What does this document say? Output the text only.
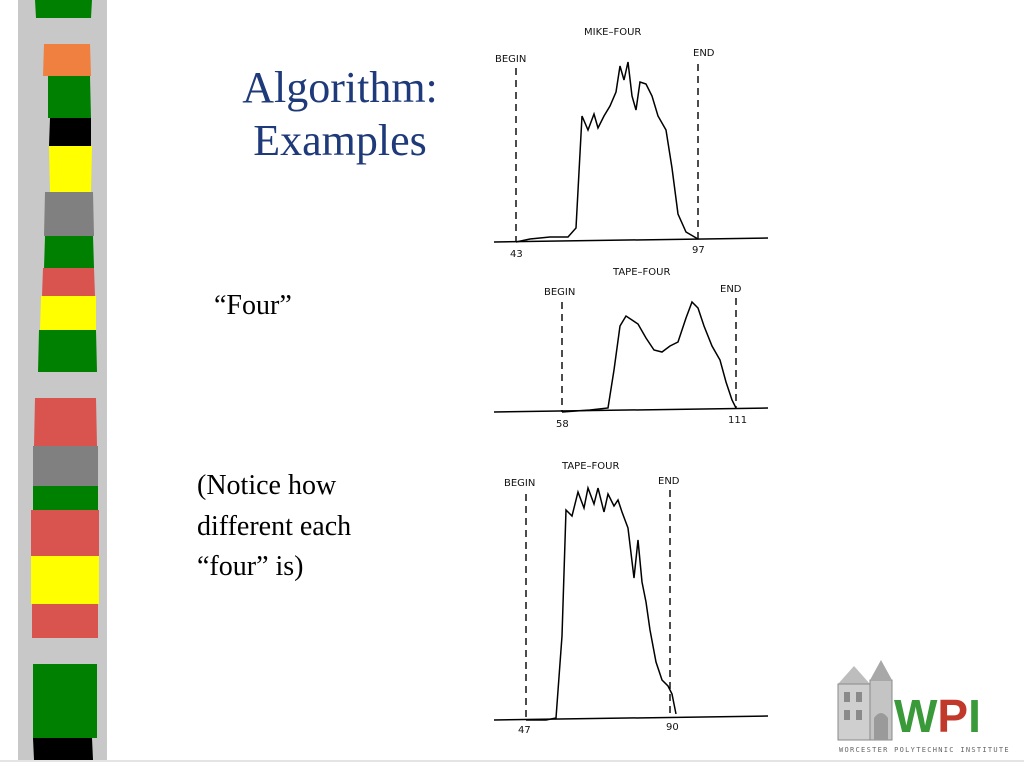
Algorithm:
Examples
“Four”
(Notice how
different each
“four” is)
MIKE–FOUR
BEGIN
END
43	97
TAPE–FOUR
BEGIN	END
58	111
TAPE–FOUR
BEGIN	END
47	90	WPI
WORCESTER POLYTECHNIC INSTITUTE
